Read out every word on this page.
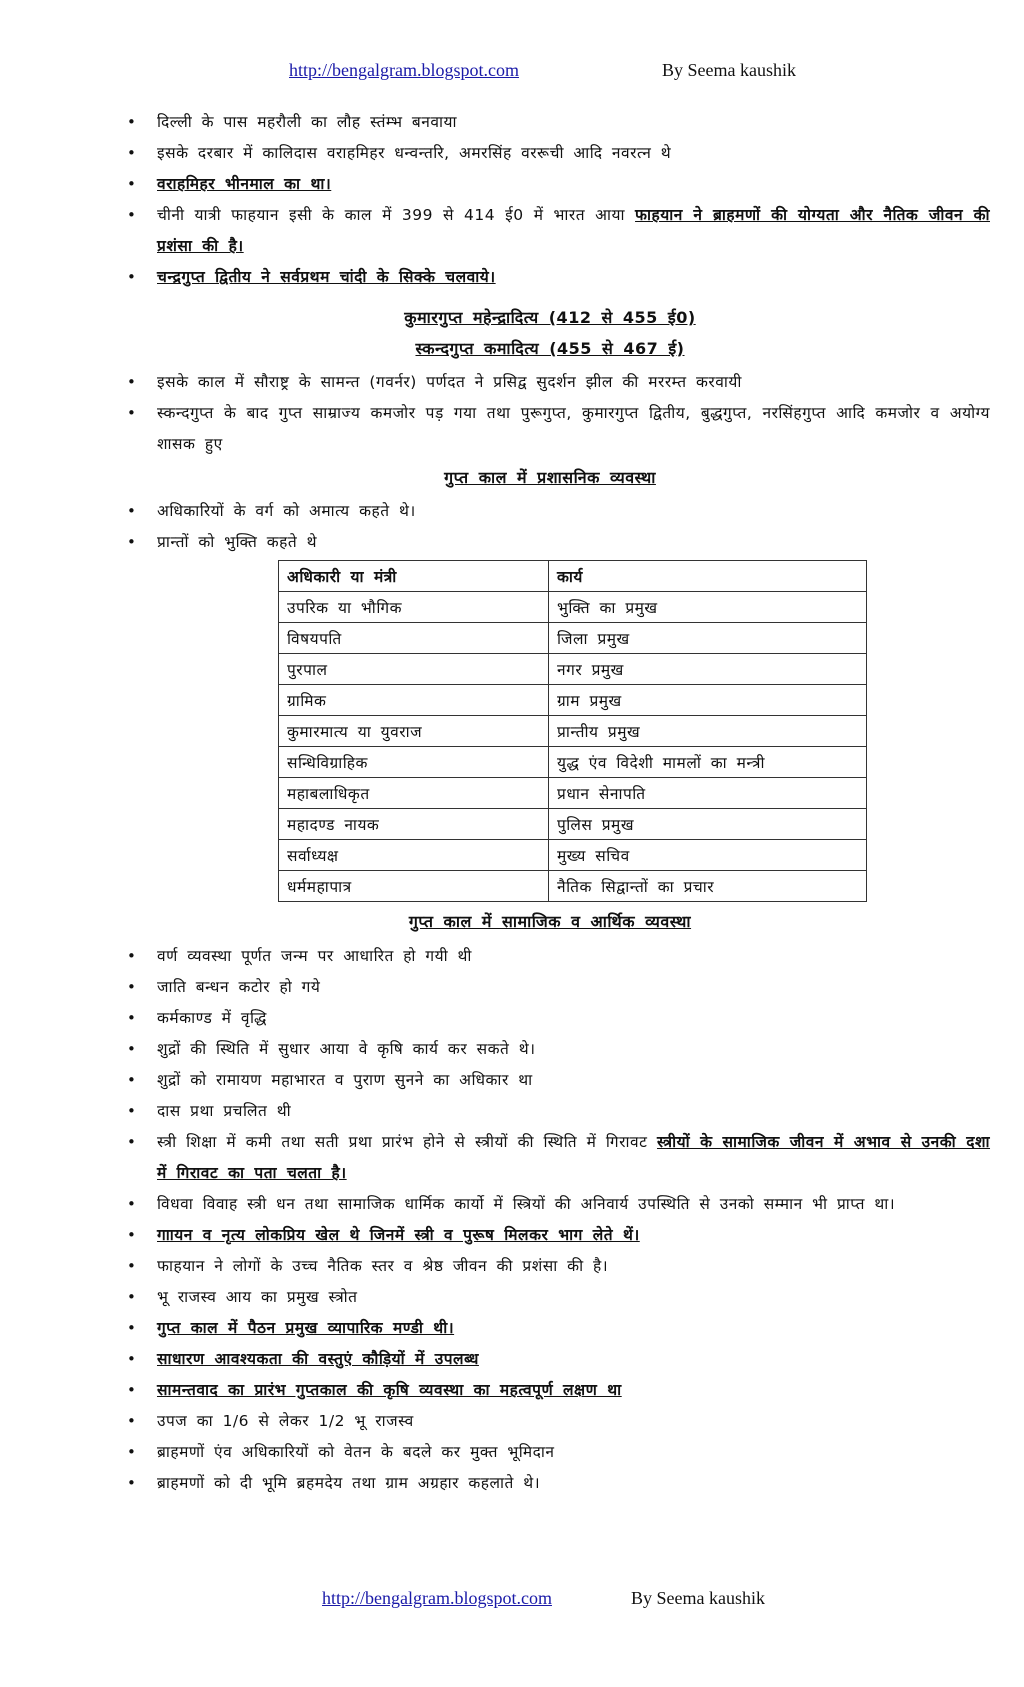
http://bengalgram.blogspot.com	By Seema kaushik
• दिल्ली के पास महरौली का लौह स्तंम्भ बनवाया
• इसके दरबार में कालिदास वराहमिहर धन्वन्तरि, अमरसिंह वररूची आदि नवरत्न थे
• वराहमिहर भीनमाल का था।
• चीनी यात्री फाहयान इसी के काल में 399 से 414 ई0 में भारत आया फाहयान ने ब्राहमणों की योग्यता और नैतिक जीवन की प्रशंसा की है।
• चन्द्रगुप्त द्वितीय ने सर्वप्रथम चांदी के सिक्के चलवाये।
कुमारगुप्त महेन्द्रादित्य (412 से 455 ई0)
स्कन्दगुप्त कमादित्य (455 से 467 ई)
• इसके काल में सौराष्ट्र के सामन्त (गवर्नर) पर्णदत ने प्रसिद्व सुदर्शन झील की मररम्त करवायी
• स्कन्दगुप्त के बाद गुप्त साम्राज्य कमजोर पड़ गया तथा पुरूगुप्त, कुमारगुप्त द्वितीय, बुद्धगुप्त, नरसिंहगुप्त आदि कमजोर व अयोग्य शासक हुए
गुप्त काल में प्रशासनिक व्यवस्था
• अधिकारियों के वर्ग को अमात्य कहते थे।
• प्रान्तों को भुक्ति कहते थे
अधिकारी या मंत्री	कार्य
उपरिक या भौगिक	भुक्ति का प्रमुख
विषयपति	जिला प्रमुख
पुरपाल	नगर प्रमुख
ग्रामिक	ग्राम प्रमुख
कुमारमात्य या युवराज	प्रान्तीय प्रमुख
सन्धिविग्राहिक	युद्ध एंव विदेशी मामलों का मन्त्री
महाबलाधिकृत	प्रधान सेनापति
महादण्ड नायक	पुलिस प्रमुख
सर्वाध्यक्ष	मुख्य सचिव
धर्ममहापात्र	नैतिक सिद्वान्तों का प्रचार
गुप्त काल में सामाजिक व आर्थिक व्यवस्था
• वर्ण व्यवस्था पूर्णत जन्म पर आधारित हो गयी थी
• जाति बन्धन कटोर हो गये
• कर्मकाण्ड में वृद्धि
• शुद्रों की स्थिति में सुधार आया वे कृषि कार्य कर सकते थे।
• शुद्रों को रामायण महाभारत व पुराण सुनने का अधिकार था
• दास प्रथा प्रचलित थी
• स्त्री शिक्षा में कमी तथा सती प्रथा प्रारंभ होने से स्त्रीयों की स्थिति में गिरावट स्त्रीयों के सामाजिक जीवन में अभाव से उनकी दशा में गिरावट का पता चलता है।
• विधवा विवाह स्त्री धन तथा सामाजिक धार्मिक कार्यो में स्त्रियों की अनिवार्य उपस्थिति से उनको सम्मान भी प्राप्त था।
• गाायन व नृत्य लोकप्रिय खेल थे जिनमें स्त्री व पुरूष मिलकर भाग लेते थें।
• फाहयान ने लोगों के उच्च नैतिक स्तर व श्रेष्ठ जीवन की प्रशंसा की है।
• भू राजस्व आय का प्रमुख स्त्रोत
• गुप्त काल में पैठन प्रमुख व्यापारिक मण्डी थी।
• साधारण आवश्यकता की वस्तुएं कौड़ियों में उपलब्ध
• सामन्तवाद का प्रारंभ गुप्तकाल की कृषि व्यवस्था का महत्वपूर्ण लक्षण था
• उपज का 1/6 से लेकर 1/2 भू राजस्व
• ब्राहमणों एंव अधिकारियों को वेतन के बदले कर मुक्त भूमिदान
• ब्राहमणों को दी भूमि ब्रहमदेय तथा ग्राम अग्रहार कहलाते थे।
http://bengalgram.blogspot.com	By Seema kaushik
